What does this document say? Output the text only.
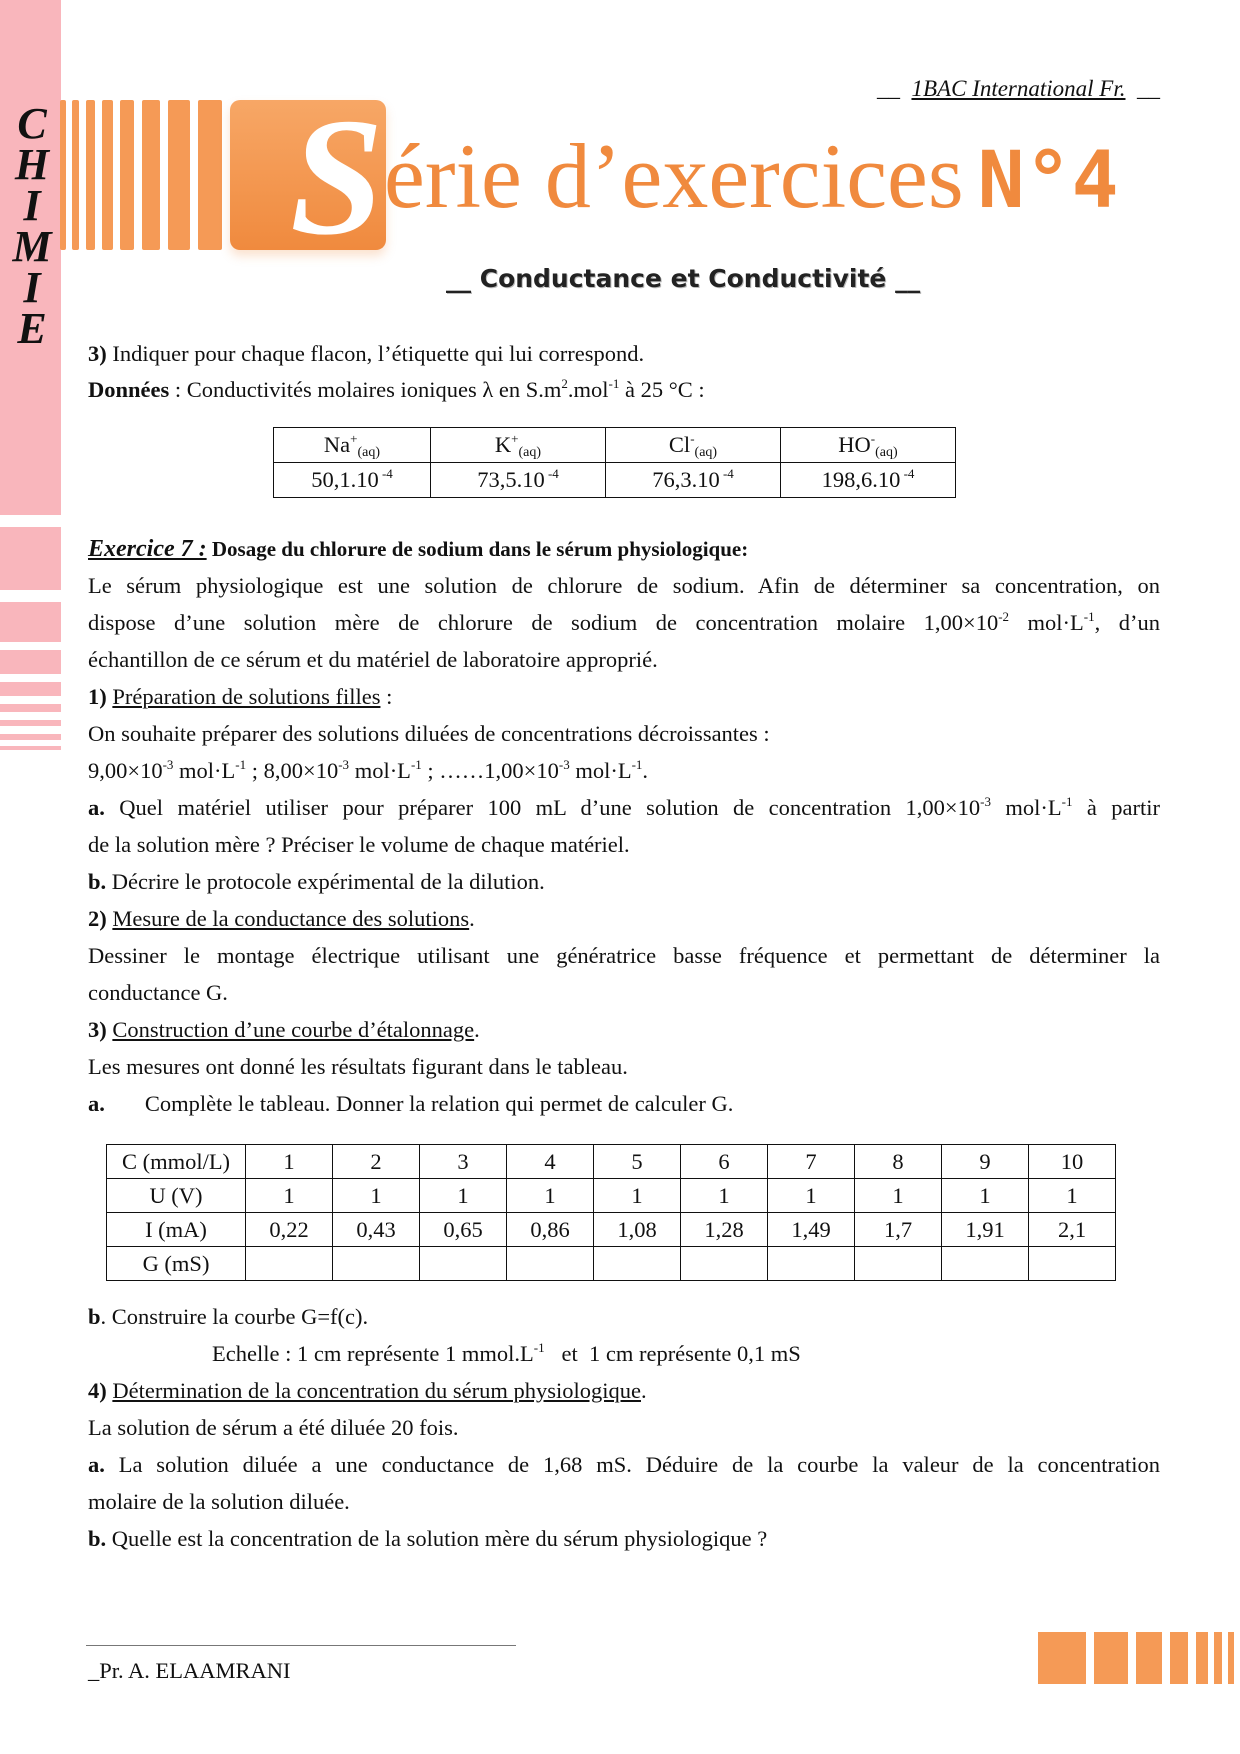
C
H
I
M
I
E
__  1BAC International Fr.  __
S érie d’exercices N°4
__ Conductance et Conductivité __
3) Indiquer pour chaque flacon, l’étiquette qui lui correspond.
Données : Conductivités molaires ioniques λ en $S.m^2.mol^{-1}$ à 25 °C :
$Na^+_{(aq)}$	$K^+_{(aq)}$	$Cl^-_{(aq)}$	$HO^-_{(aq)}$
50,1.10 $^{-4}$	73,5.10 $^{-4}$	76,3.10 $^{-4}$	198,6.10 $^{-4}$
Exercice 7 : Dosage du chlorure de sodium dans le sérum physiologique:
Le sérum physiologique est une solution de chlorure de sodium. Afin de déterminer sa concentration, on
dispose d’une solution mère de chlorure de sodium de concentration molaire $1,00\times 10^{-2}$ $mol\cdot L^{-1}$, d’un
échantillon de ce sérum et du matériel de laboratoire approprié.
1) Préparation de solutions filles :
On souhaite préparer des solutions diluées de concentrations décroissantes :
$9,00\times 10^{-3}$ $mol\cdot L^{-1}$ ; $8,00\times 10^{-3}$ $mol\cdot L^{-1}$ ; $\dots\dots 1,00\times 10^{-3}$ $mol\cdot L^{-1}$.
a. Quel matériel utiliser pour préparer 100 mL d’une solution de concentration $1,00\times 10^{-3}$ $mol\cdot L^{-1}$ à partir
de la solution mère ? Préciser le volume de chaque matériel.
b. Décrire le protocole expérimental de la dilution.
2) Mesure de la conductance des solutions.
Dessiner le montage électrique utilisant une génératrice basse fréquence et permettant de déterminer la
conductance G.
3) Construction d’une courbe d’étalonnage.
Les mesures ont donné les résultats figurant dans le tableau.
a. Complète le tableau. Donner la relation qui permet de calculer G.
C (mmol/L)	1	2	3	4	5	6	7	8	9	10
U (V)	1	1	1	1	1	1	1	1	1	1
I (mA)	0,22	0,43	0,65	0,86	1,08	1,28	1,49	1,7	1,91	2,1
G (mS)										
b. Construire la courbe G=f(c).
Echelle : 1 cm représente 1 $mmol.L^{-1}$   et  1 cm représente 0,1 mS
4) Détermination de la concentration du sérum physiologique.
La solution de sérum a été diluée 20 fois.
a. La solution diluée a une conductance de 1,68 mS. Déduire de la courbe la valeur de la concentration
molaire de la solution diluée.
b. Quelle est la concentration de la solution mère du sérum physiologique ?
_Pr. A. ELAAMRANI
